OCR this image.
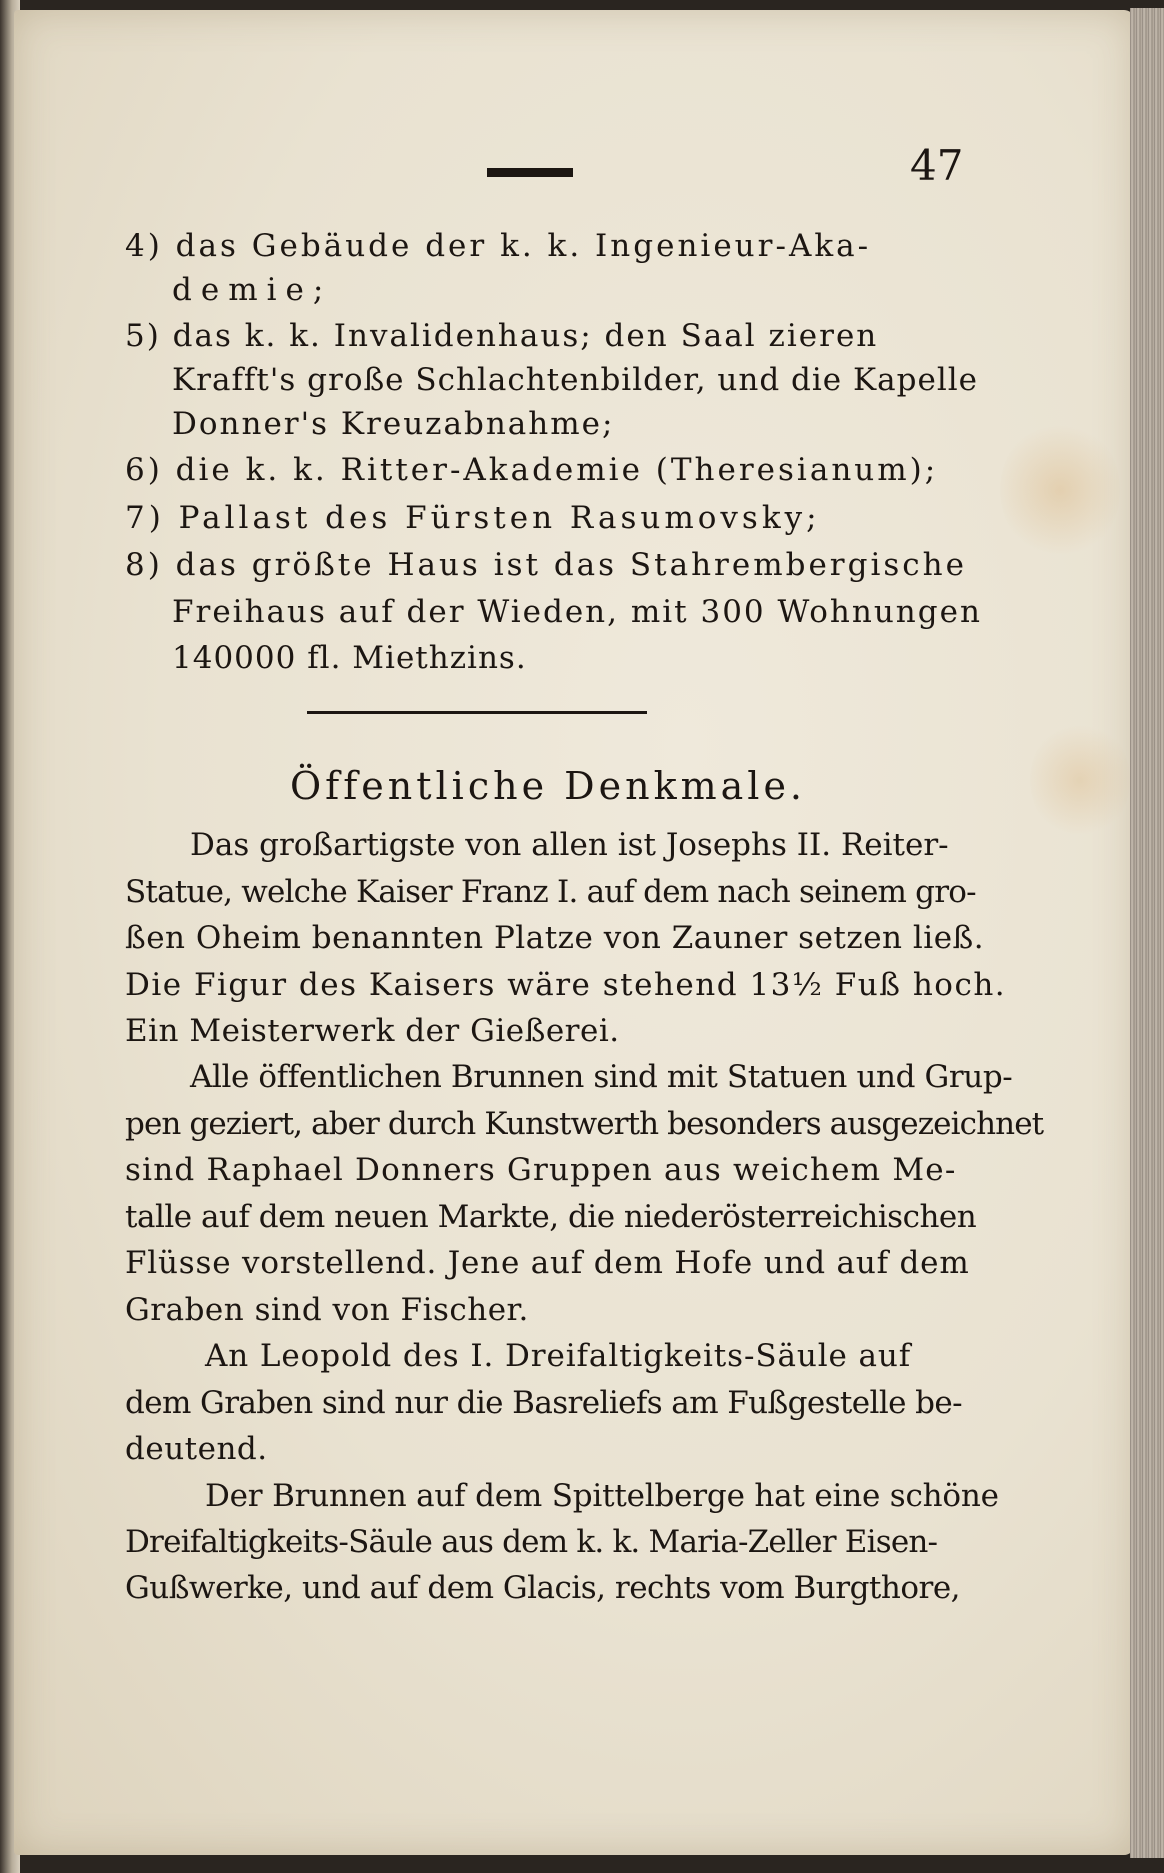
47
4) das Gebäude der k. k. Ingenieur-Aka-
demie;
5) das k. k. Invalidenhaus; den Saal zieren
Krafft's große Schlachtenbilder, und die Kapelle
Donner's Kreuzabnahme;
6) die k. k. Ritter-Akademie (Theresianum);
7) Pallast des Fürsten Rasumovsky;
8) das größte Haus ist das Stahrembergische
Freihaus auf der Wieden, mit 300 Wohnungen
140000 fl. Miethzins.
Öffentliche Denkmale.
Das großartigste von allen ist Josephs II. Reiter-
Statue, welche Kaiser Franz I. auf dem nach seinem gro-
ßen Oheim benannten Platze von Zauner setzen ließ.
Die Figur des Kaisers wäre stehend 13½ Fuß hoch.
Ein Meisterwerk der Gießerei.
Alle öffentlichen Brunnen sind mit Statuen und Grup-
pen geziert, aber durch Kunstwerth besonders ausgezeichnet
sind Raphael Donners Gruppen aus weichem Me-
talle auf dem neuen Markte, die niederösterreichischen
Flüsse vorstellend. Jene auf dem Hofe und auf dem
Graben sind von Fischer.
An Leopold des I. Dreifaltigkeits-Säule auf
dem Graben sind nur die Basreliefs am Fußgestelle be-
deutend.
Der Brunnen auf dem Spittelberge hat eine schöne
Dreifaltigkeits-Säule aus dem k. k. Maria-Zeller Eisen-
Gußwerke, und auf dem Glacis, rechts vom Burgthore,
